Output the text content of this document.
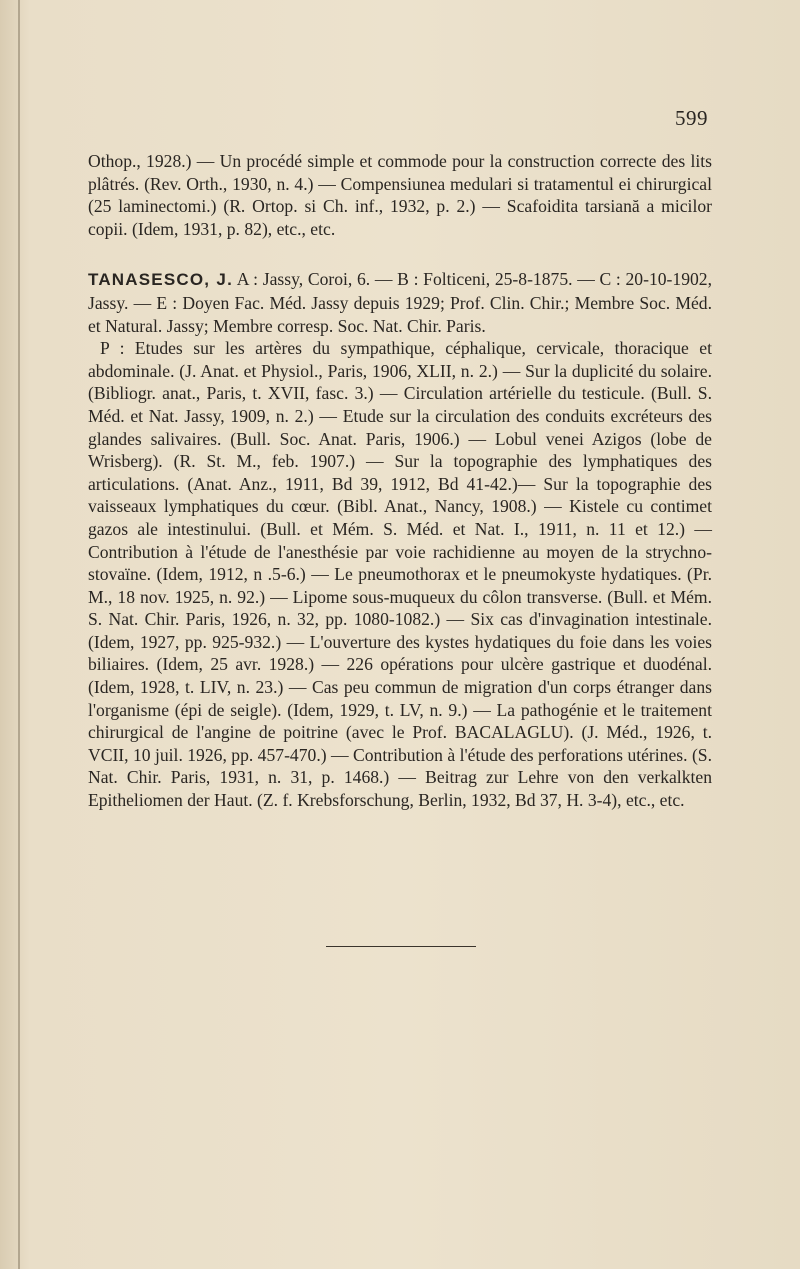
599

Othop., 1928.) — Un procédé simple et commode pour la construction correcte des lits plâtrés. (Rev. Orth., 1930, n. 4.) — Compensiunea medulari si tratamentul ei chirurgical (25 laminectomi.) (R. Ortop. si Ch. inf., 1932, p. 2.) — Scafoidita tarsiană a micilor copii. (Idem, 1931, p. 82), etc., etc.

TANASESCO, J. A : Jassy, Coroi, 6. — B : Folticeni, 25-8-1875. — C : 20-10-1902, Jassy. — E : Doyen Fac. Méd. Jassy depuis 1929; Prof. Clin. Chir.; Membre Soc. Méd. et Natural. Jassy; Membre corresp. Soc. Nat. Chir. Paris.

P : Etudes sur les artères du sympathique, céphalique, cervicale, thoracique et abdominale. (J. Anat. et Physiol., Paris, 1906, XLII, n. 2.) — Sur la duplicité du solaire. (Bibliogr. anat., Paris, t. XVII, fasc. 3.) — Circulation artérielle du testicule. (Bull. S. Méd. et Nat. Jassy, 1909, n. 2.) — Etude sur la circulation des conduits excréteurs des glandes salivaires. (Bull. Soc. Anat. Paris, 1906.) — Lobul venei Azigos (lobe de Wrisberg). (R. St. M., feb. 1907.) — Sur la topographie des lymphatiques des articulations. (Anat. Anz., 1911, Bd 39, 1912, Bd 41-42.)— Sur la topographie des vaisseaux lymphatiques du cœur. (Bibl. Anat., Nancy, 1908.) — Kistele cu contimet gazos ale intestinului. (Bull. et Mém. S. Méd. et Nat. I., 1911, n. 11 et 12.) — Contribution à l'étude de l'anesthésie par voie rachidienne au moyen de la strychno-stovaïne. (Idem, 1912, n .5-6.) — Le pneumothorax et le pneumokyste hydatiques. (Pr. M., 18 nov. 1925, n. 92.) — Lipome sous-muqueux du côlon transverse. (Bull. et Mém. S. Nat. Chir. Paris, 1926, n. 32, pp. 1080-1082.) — Six cas d'invagination intestinale. (Idem, 1927, pp. 925-932.) — L'ouverture des kystes hydatiques du foie dans les voies biliaires. (Idem, 25 avr. 1928.) — 226 opérations pour ulcère gastrique et duodénal. (Idem, 1928, t. LIV, n. 23.) — Cas peu commun de migration d'un corps étranger dans l'organisme (épi de seigle). (Idem, 1929, t. LV, n. 9.) — La pathogénie et le traitement chirurgical de l'angine de poitrine (avec le Prof. BACALAGLU). (J. Méd., 1926, t. VCII, 10 juil. 1926, pp. 457-470.) — Contribution à l'étude des perforations utérines. (S. Nat. Chir. Paris, 1931, n. 31, p. 1468.) — Beitrag zur Lehre von den verkalkten Epitheliomen der Haut. (Z. f. Krebsforschung, Berlin, 1932, Bd 37, H. 3-4), etc., etc.
